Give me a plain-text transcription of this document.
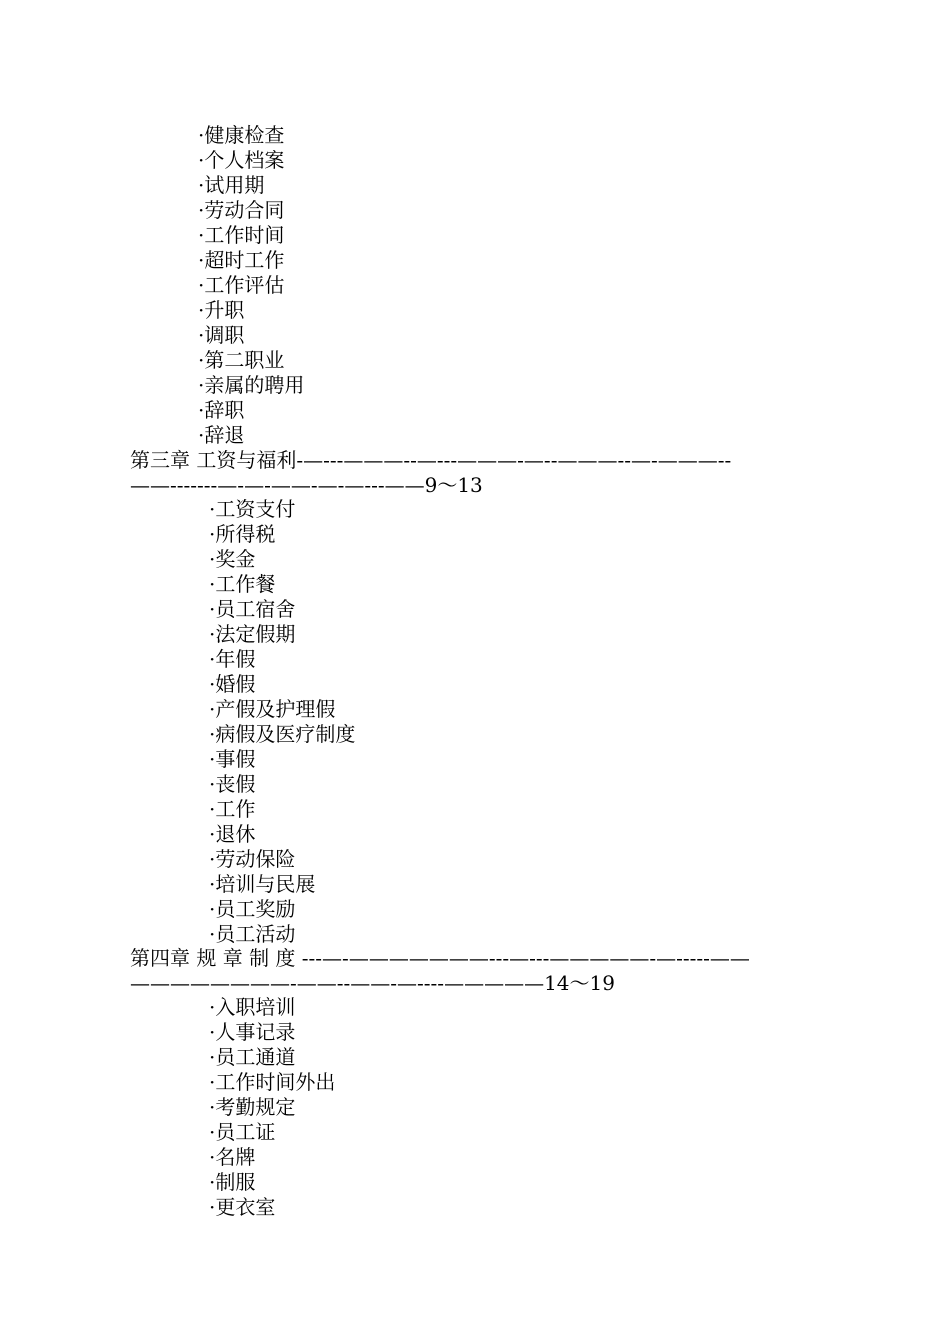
·健康检查
·个人档案
·试用期
·劳动合同
·工作时间
·超时工作
·工作评估
·升职
·调职
·第二职业
·亲属的聘用
·辞职
·辞退
第三章 工资与福利-—---———--—---———-—--———--—-———--
——-------—-—-——-—-—---——9～13
·工资支付
·所得税
·奖金
·工作餐
·员工宿舍
·法定假期
·年假
·婚假
·产假及护理假
·病假及医疗制度
·事假
·丧假
·工作
·退休
·劳动保险
·培训与民展
·员工奖励
·员工活动
第四章 规 章 制 度 ---—-———————---—---—————-—-----——
————————-——--——-—----—————14～19
·入职培训
·人事记录
·员工通道
·工作时间外出
·考勤规定
·员工证
·名牌
·制服
·更衣室
